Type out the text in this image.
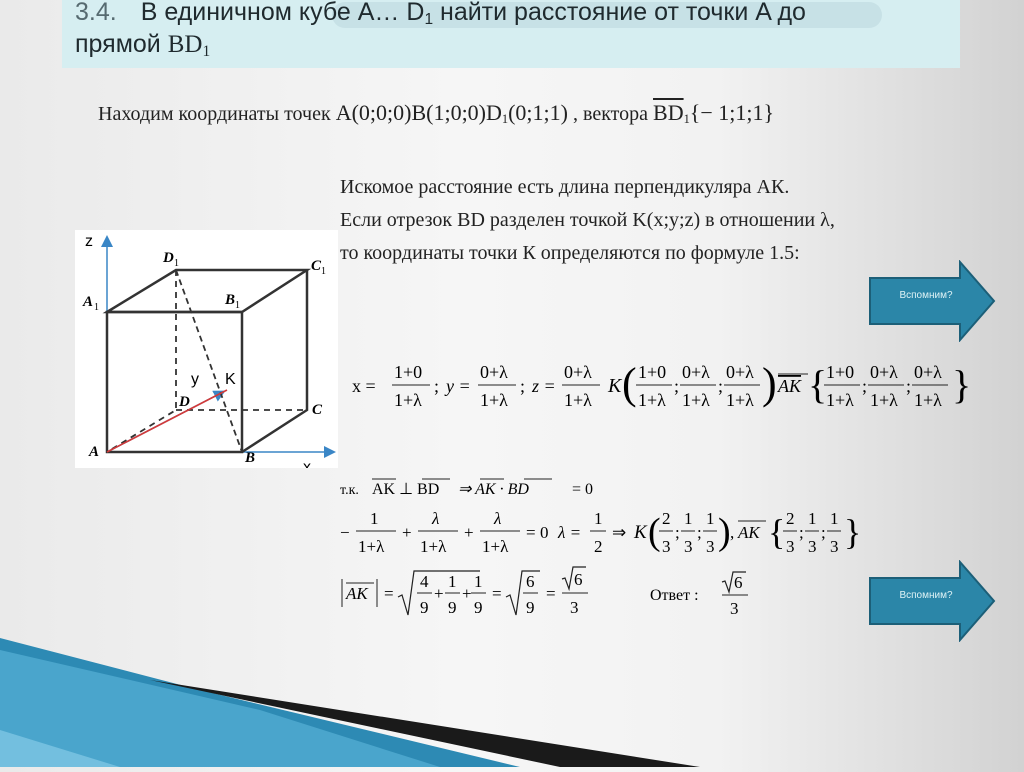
3.4. В единичном кубе A… $D_1$ найти расстояние от точки A до
прямой $BD_1$
Находим координаты точек $A(0;0;0)B(1;0;0)D_1(0;1;1)$ , вектора $\overline{BD}_1\{-$ 1;1;1}
Искомое расстояние есть длина перпендикуляра АК.
Если отрезок BD разделен точкой K(x;y;z) в отношении λ,
то координаты точки К определяются по формуле 1.5:
z
x
y K
A	B
C
D
A 1	B 1
C 1
D 1
Вспомним?
Вспомним?
x =
1+0
1+λ
; y =
0+λ
1+λ
; z =
0+λ
1+λ
K ( 1+0
1+λ
;
0+λ
1+λ
;
0+λ
1+λ ) AK {
1+0
1+λ
;
0+λ
1+λ
;
0+λ
1+λ }
т.к. AK ⊥ BD ⇒ AK · BD	= 0
−
1
1+λ
+
λ
1+λ
+
λ
1+λ
= 0 λ =
1
2
⇒ K ( 2
3
;
1
3
;
1
3 ) , AK { 2
3
;
1
3
;
1
3 }
AK =
4
9
+
1
9
+
1
9
=
6
9
=
6
3
Ответ :
6
3
